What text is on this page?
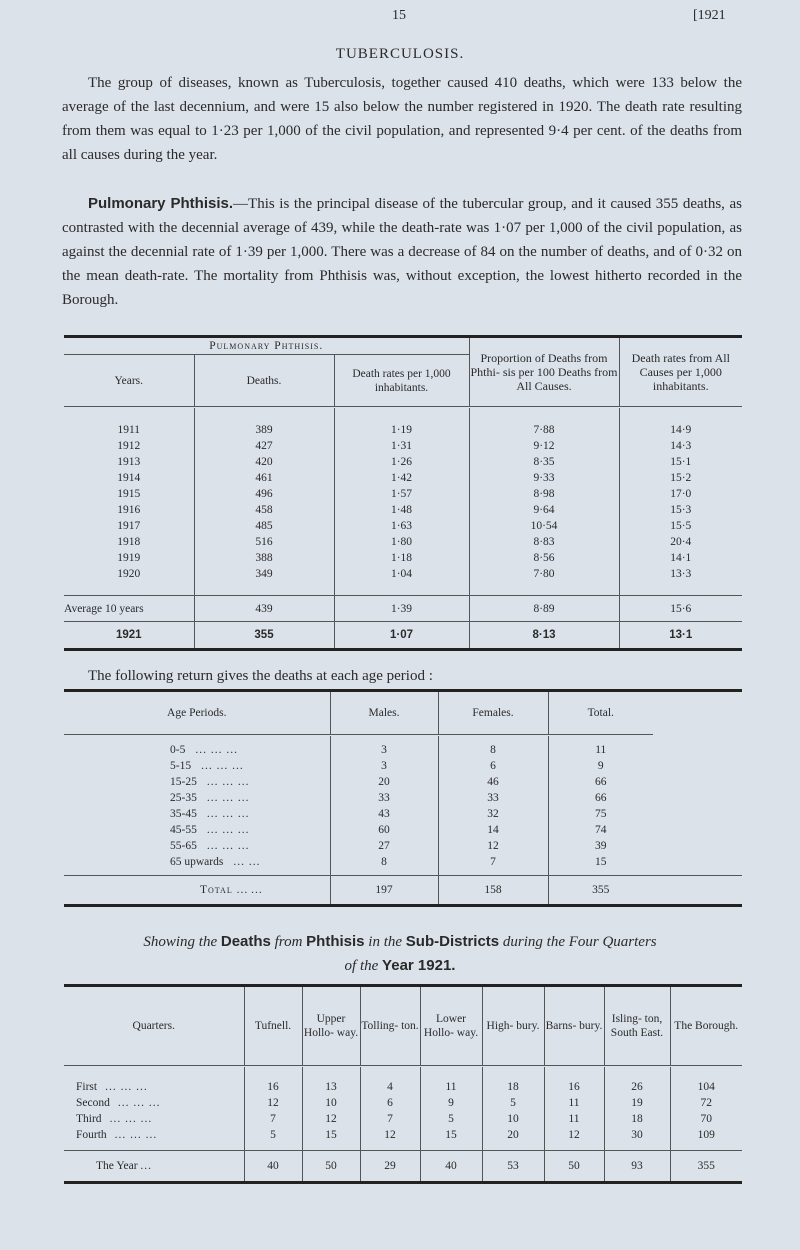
15	[1921
TUBERCULOSIS.
The group of diseases, known as Tuberculosis, together caused 410 deaths, which were 133 below the average of the last decennium, and were 15 also below the number registered in 1920. The death rate resulting from them was equal to 1·23 per 1,000 of the civil population, and represented 9·4 per cent. of the deaths from all causes during the year.
Pulmonary Phthisis.—This is the principal disease of the tubercular group, and it caused 355 deaths, as contrasted with the decennial average of 439, while the death-rate was 1·07 per 1,000 of the civil population, as against the decennial rate of 1·39 per 1,000. There was a decrease of 84 on the number of deaths, and of 0·32 on the mean death-rate. The mortality from Phthisis was, without exception, the lowest hitherto recorded in the Borough.
Pulmonary Phthisis.			Proportion of Deaths from Phthi- sis per 100 Deaths from All Causes.	Death rates from All Causes per 1,000 inhabitants.
Years.	Deaths.	Death rates per 1,000 inhabitants.		

1911	389	1·19	7·88	14·9
1912	427	1·31	9·12	14·3
1913	420	1·26	8·35	15·1
1914	461	1·42	9·33	15·2
1915	496	1·57	8·98	17·0
1916	458	1·48	9·64	15·3
1917	485	1·63	10·54	15·5
1918	516	1·80	8·83	20·4
1919	388	1·18	8·56	14·1
1920	349	1·04	7·80	13·3

Average 10 years	439	1·39	8·89	15·6
1921	355	1·07	8·13	13·1
The following return gives the deaths at each age period :
Age Periods.	Males.	Females.	Total.	

0-5 ... ... ...	3	8	11	
5-15 ... ... ...	3	6	9	
15-25 ... ... ...	20	46	66	
25-35 ... ... ...	33	33	66	
35-45 ... ... ...	43	32	75	
45-55 ... ... ...	60	14	74	
55-65 ... ... ...	27	12	39	
65 upwards ... ...	8	7	15	

Total ... ...	197	158	355	
Showing the Deaths from Phthisis in the Sub-Districts during the Four Quarters
of the Year 1921.
Quarters.	Tufnell.	Upper Hollo- way.	Tolling- ton.	Lower Hollo- way.	High- bury.	Barns- bury.	Isling- ton, South East.	The Borough.

First ... ... ...	16	13	4	11	18	16	26	104
Second ... ... ...	12	10	6	9	5	11	19	72
Third ... ... ...	7	12	7	5	10	11	18	70
Fourth ... ... ...	5	15	12	15	20	12	30	109

The Year ...	40	50	29	40	53	50	93	355
